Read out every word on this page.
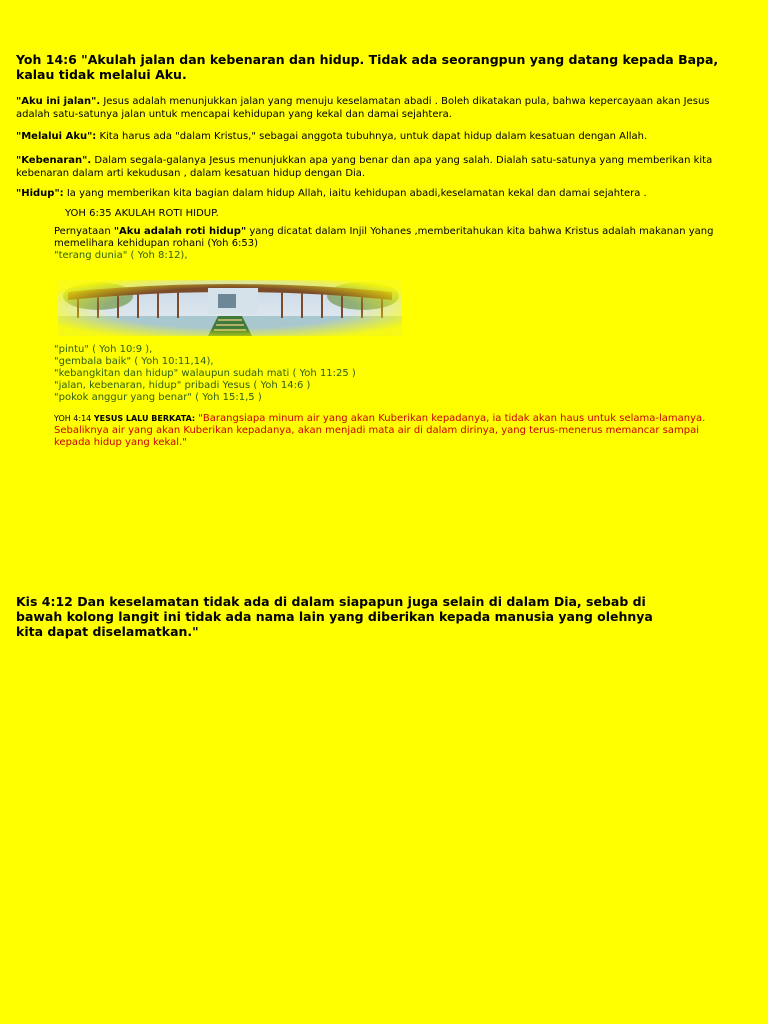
Yoh 14:6 "Akulah jalan dan kebenaran dan hidup. Tidak ada seorangpun yang datang kepada Bapa, kalau tidak melalui Aku.
"Aku ini jalan". Jesus adalah menunjukkan jalan yang menuju keselamatan abadi . Boleh dikatakan pula, bahwa kepercayaan akan Jesus adalah satu-satunya jalan untuk mencapai kehidupan yang kekal dan damai sejahtera.
"Melalui Aku": Kita harus ada "dalam Kristus," sebagai anggota tubuhnya, untuk dapat hidup dalam kesatuan dengan Allah.
"Kebenaran". Dalam segala-galanya Jesus menunjukkan apa yang benar dan apa yang salah. Dialah satu-satunya yang memberikan kita kebenaran dalam arti kekudusan , dalam kesatuan hidup dengan Dia.
"Hidup": Ia yang memberikan kita bagian dalam hidup Allah, iaitu kehidupan abadi,keselamatan kekal dan damai sejahtera .
YOH 6:35 AKULAH ROTI HIDUP.
Pernyataan "Aku adalah roti hidup" yang dicatat dalam Injil Yohanes ,memberitahukan kita bahwa Kristus adalah makanan yang
memelihara kehidupan rohani (Yoh 6:53)
"terang dunia" ( Yoh 8:12),
"pintu" ( Yoh 10:9 ),
"gembala baik" ( Yoh 10:11,14),
"kebangkitan dan hidup" walaupun sudah mati ( Yoh 11:25 )
"jalan, kebenaran, hidup" pribadi Yesus ( Yoh 14:6 )
"pokok anggur yang benar" ( Yoh 15:1,5 )
YOH 4:14 YESUS LALU BERKATA: "Barangsiapa minum air yang akan Kuberikan kepadanya, ia tidak akan haus untuk selama-lamanya. Sebaliknya air yang akan Kuberikan kepadanya, akan menjadi mata air di dalam dirinya, yang terus-menerus memancar sampai kepada hidup yang kekal."
Kis 4:12 Dan keselamatan tidak ada di dalam siapapun juga selain di dalam Dia, sebab di bawah kolong langit ini tidak ada nama lain yang diberikan kepada manusia yang olehnya kita dapat diselamatkan."
